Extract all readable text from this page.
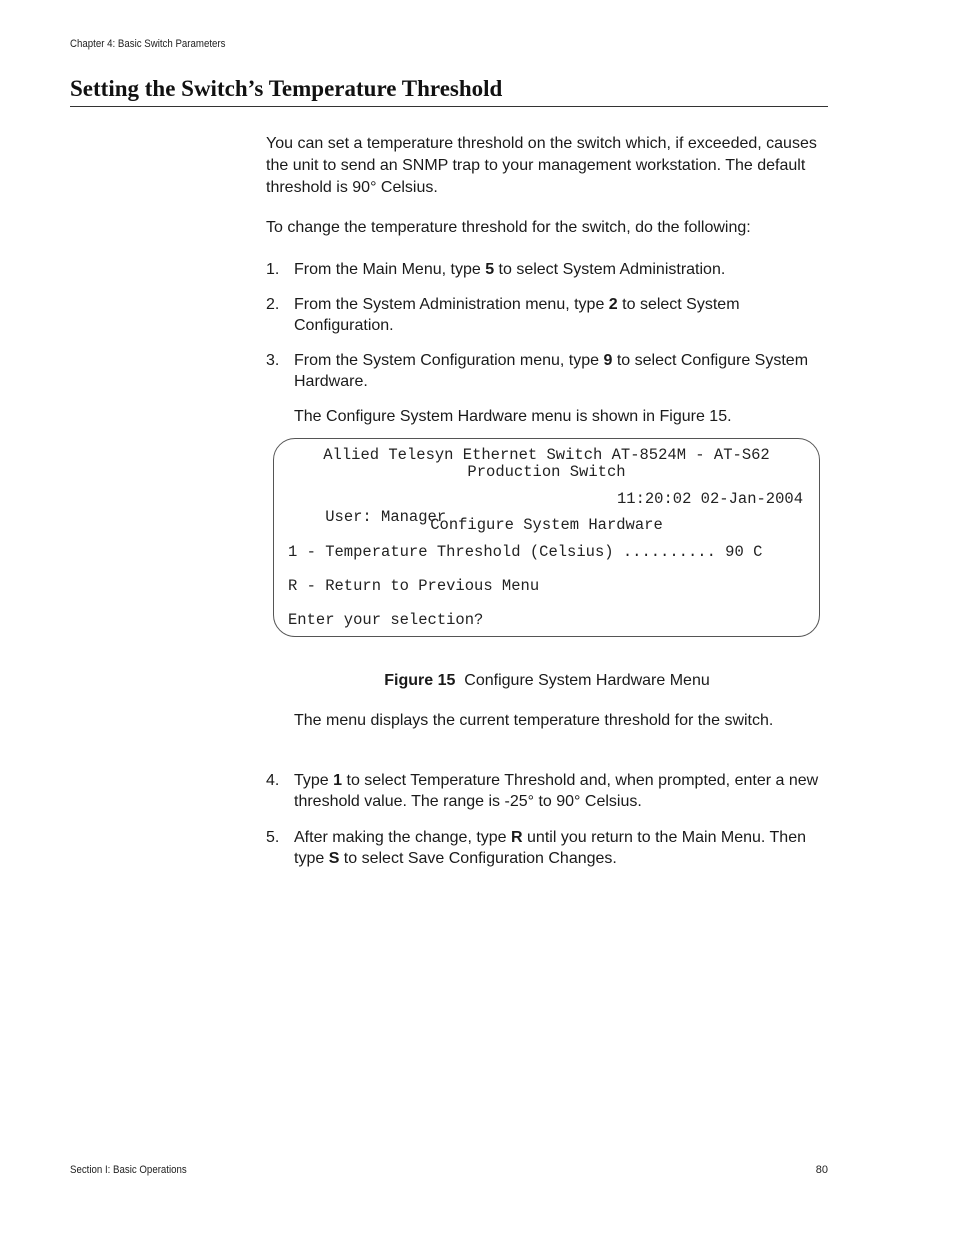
Chapter 4: Basic Switch Parameters
Setting the Switch’s Temperature Threshold

You can set a temperature threshold on the switch which, if exceeded, causes the unit to send an SNMP trap to your management workstation. The default threshold is 90° Celsius.

To change the temperature threshold for the switch, do the following:

1. From the Main Menu, type 5 to select System Administration.
2. From the System Administration menu, type 2 to select System Configuration.
3. From the System Configuration menu, type 9 to select Configure System Hardware.

The Configure System Hardware menu is shown in Figure 15.

Allied Telesyn Ethernet Switch AT-8524M - AT-S62
Production Switch

User: Manager

11:20:02 02-Jan-2004

Configure System Hardware
1 - Temperature Threshold (Celsius) .......... 90 C
R - Return to Previous Menu
Enter your selection?
Figure 15 Configure System Hardware Menu

The menu displays the current temperature threshold for the switch.

4. Type 1 to select Temperature Threshold and, when prompted, enter a new threshold value. The range is -25° to 90° Celsius.
5. After making the change, type R until you return to the Main Menu. Then type S to select Save Configuration Changes.
Section I: Basic Operations	80
